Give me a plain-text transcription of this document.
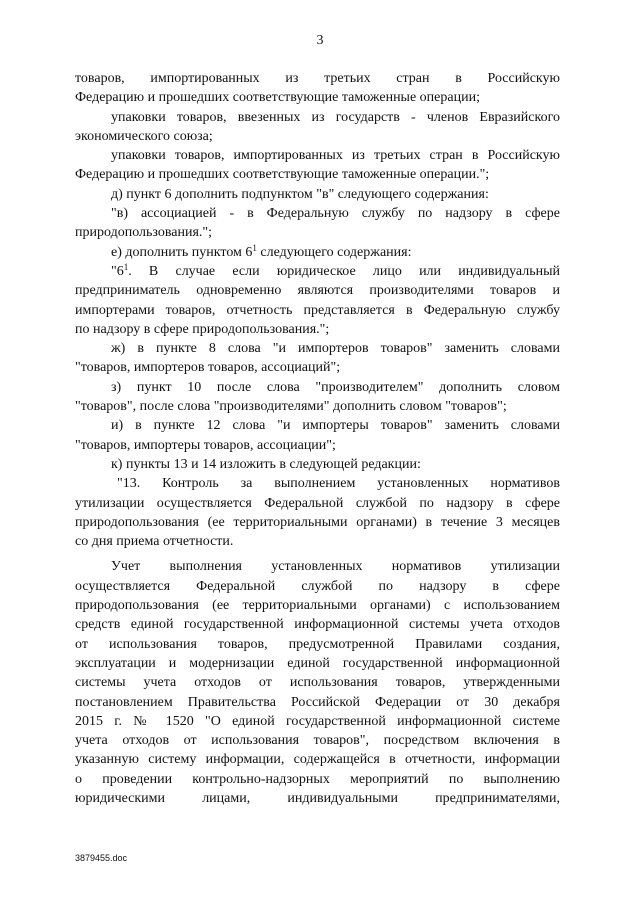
3
товаров, импортированных из третьих стран в Российскую
Федерацию и прошедших соответствующие таможенные операции;
упаковки товаров, ввезенных из государств - членов Евразийского
экономического союза;
упаковки товаров, импортированных из третьих стран в Российскую
Федерацию и прошедших соответствующие таможенные операции.";
д) пункт 6 дополнить подпунктом "в" следующего содержания:
"в) ассоциацией - в Федеральную службу по надзору в сфере
природопользования.";
е) дополнить пунктом $6^1$ следующего содержания:
"$6^1$. В случае если юридическое лицо или индивидуальный
предприниматель одновременно являются производителями товаров и
импортерами товаров, отчетность представляется в Федеральную службу
по надзору в сфере природопользования.";
ж) в пункте 8 слова "и импортеров товаров" заменить словами
"товаров, импортеров товаров, ассоциаций";
з) пункт 10 после слова "производителем" дополнить словом
"товаров", после слова "производителями" дополнить словом "товаров";
и) в пункте 12 слова "и импортеры товаров" заменить словами
"товаров, импортеры товаров, ассоциации";
к) пункты 13 и 14 изложить в следующей редакции:
"13. Контроль за выполнением установленных нормативов
утилизации осуществляется Федеральной службой по надзору в сфере
природопользования (ее территориальными органами) в течение 3 месяцев
со дня приема отчетности.
Учет выполнения установленных нормативов утилизации
осуществляется Федеральной службой по надзору в сфере
природопользования (ее территориальными органами) с использованием
средств единой государственной информационной системы учета отходов
от использования товаров, предусмотренной Правилами создания,
эксплуатации и модернизации единой государственной информационной
системы учета отходов от использования товаров, утвержденными
постановлением Правительства Российской Федерации от 30 декабря
2015 г. № 1520 "О единой государственной информационной системе
учета отходов от использования товаров", посредством включения в
указанную систему информации, содержащейся в отчетности, информации
о проведении контрольно-надзорных мероприятий по выполнению
юридическими лицами, индивидуальными предпринимателями,
3879455.doc
